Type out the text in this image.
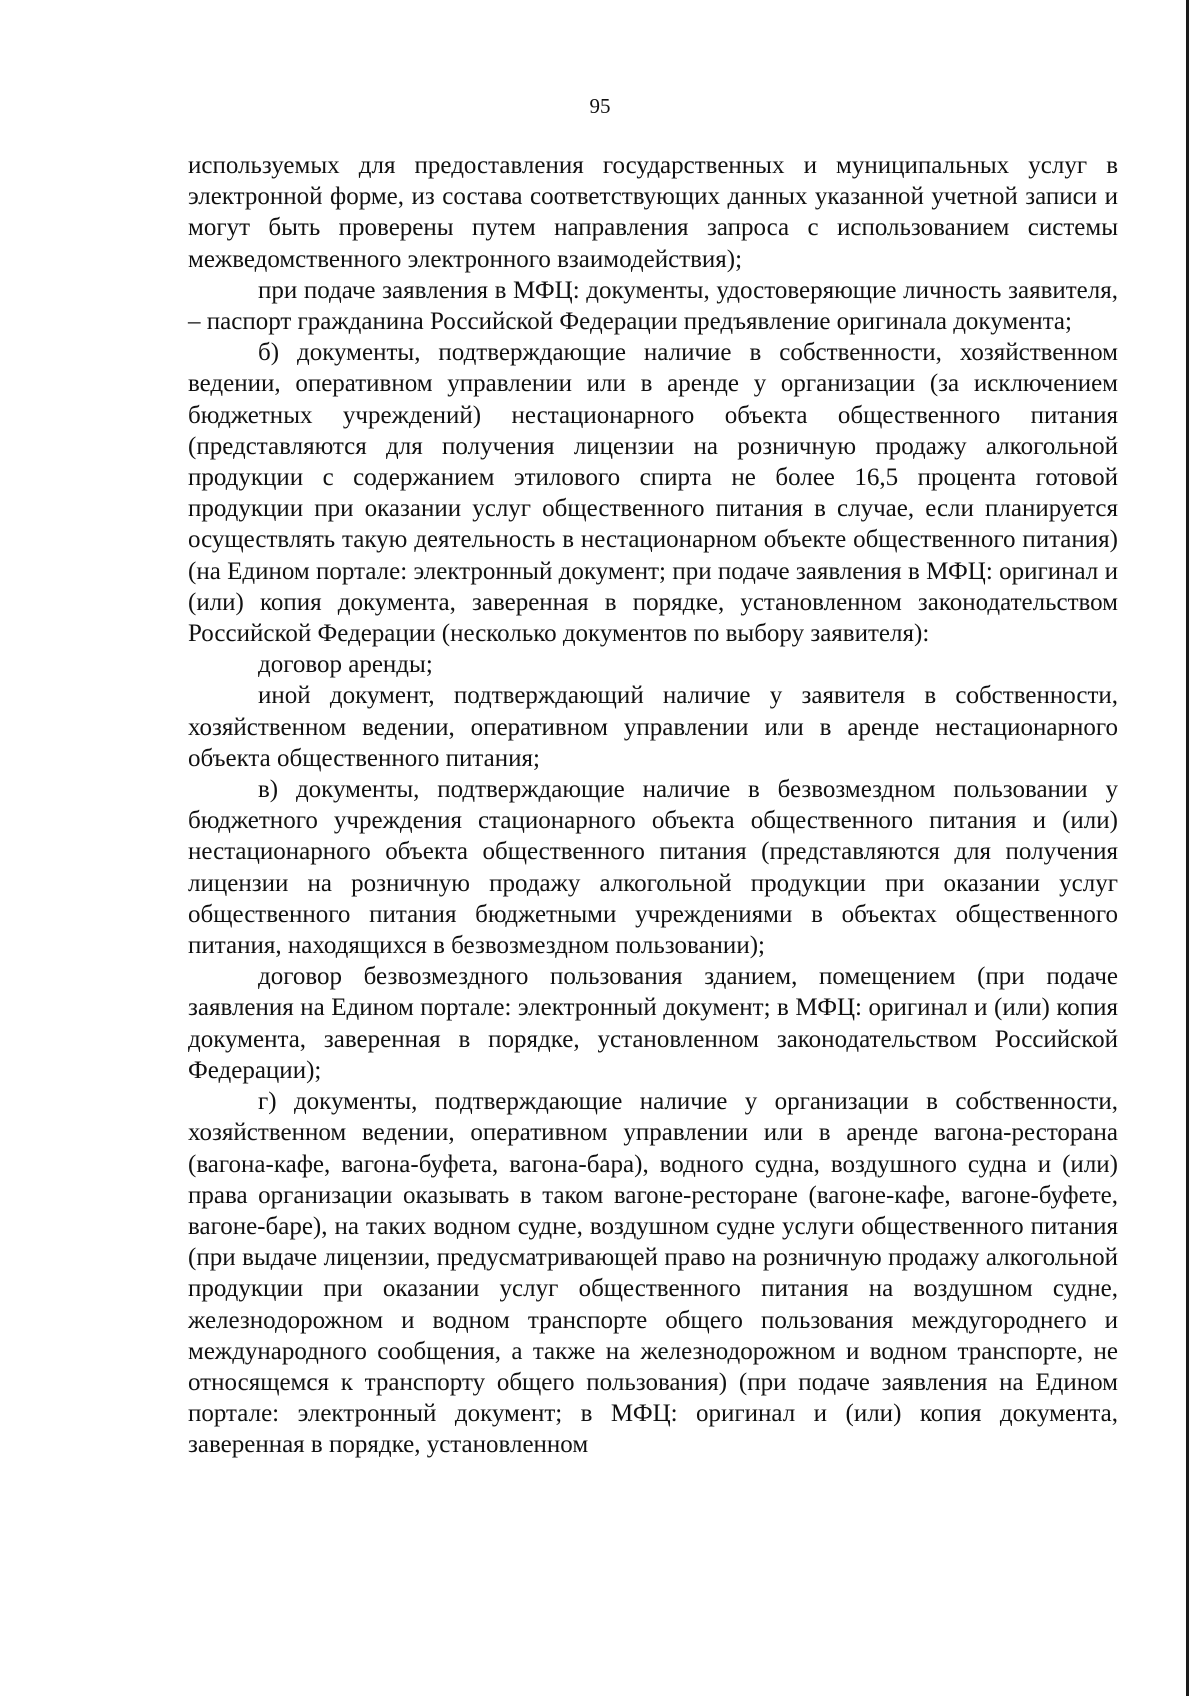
95

используемых для предоставления государственных и муниципальных услуг в электронной форме, из состава соответствующих данных указанной учетной записи и могут быть проверены путем направления запроса с использованием системы межведомственного электронного взаимодействия);

при подаче заявления в МФЦ: документы, удостоверяющие личность заявителя, – паспорт гражданина Российской Федерации предъявление оригинала документа;

б) документы, подтверждающие наличие в собственности, хозяйственном ведении, оперативном управлении или в аренде у организации (за исключением бюджетных учреждений) нестационарного объекта общественного питания (представляются для получения лицензии на розничную продажу алкогольной продукции с содержанием этилового спирта не более 16,5 процента готовой продукции при оказании услуг общественного питания в случае, если планируется осуществлять такую деятельность в нестационарном объекте общественного питания) (на Едином портале: электронный документ; при подаче заявления в МФЦ: оригинал и (или) копия документа, заверенная в порядке, установленном законодательством Российской Федерации (несколько документов по выбору заявителя):

договор аренды;

иной документ, подтверждающий наличие у заявителя в собственности, хозяйственном ведении, оперативном управлении или в аренде нестационарного объекта общественного питания;

в) документы, подтверждающие наличие в безвозмездном пользовании у бюджетного учреждения стационарного объекта общественного питания и (или) нестационарного объекта общественного питания (представляются для получения лицензии на розничную продажу алкогольной продукции при оказании услуг общественного питания бюджетными учреждениями в объектах общественного питания, находящихся в безвозмездном пользовании);

договор безвозмездного пользования зданием, помещением (при подаче заявления на Едином портале: электронный документ; в МФЦ: оригинал и (или) копия документа, заверенная в порядке, установленном законодательством Российской Федерации);

г) документы, подтверждающие наличие у организации в собственности, хозяйственном ведении, оперативном управлении или в аренде вагона-ресторана (вагона-кафе, вагона-буфета, вагона-бара), водного судна, воздушного судна и (или) права организации оказывать в таком вагоне-ресторане (вагоне-кафе, вагоне-буфете, вагоне-баре), на таких водном судне, воздушном судне услуги общественного питания (при выдаче лицензии, предусматривающей право на розничную продажу алкогольной продукции при оказании услуг общественного питания на воздушном судне, железнодорожном и водном транспорте общего пользования междугороднего и международного сообщения, а также на железнодорожном и водном транспорте, не относящемся к транспорту общего пользования) (при подаче заявления на Едином портале: электронный документ; в МФЦ: оригинал и (или) копия документа, заверенная в порядке, установленном
